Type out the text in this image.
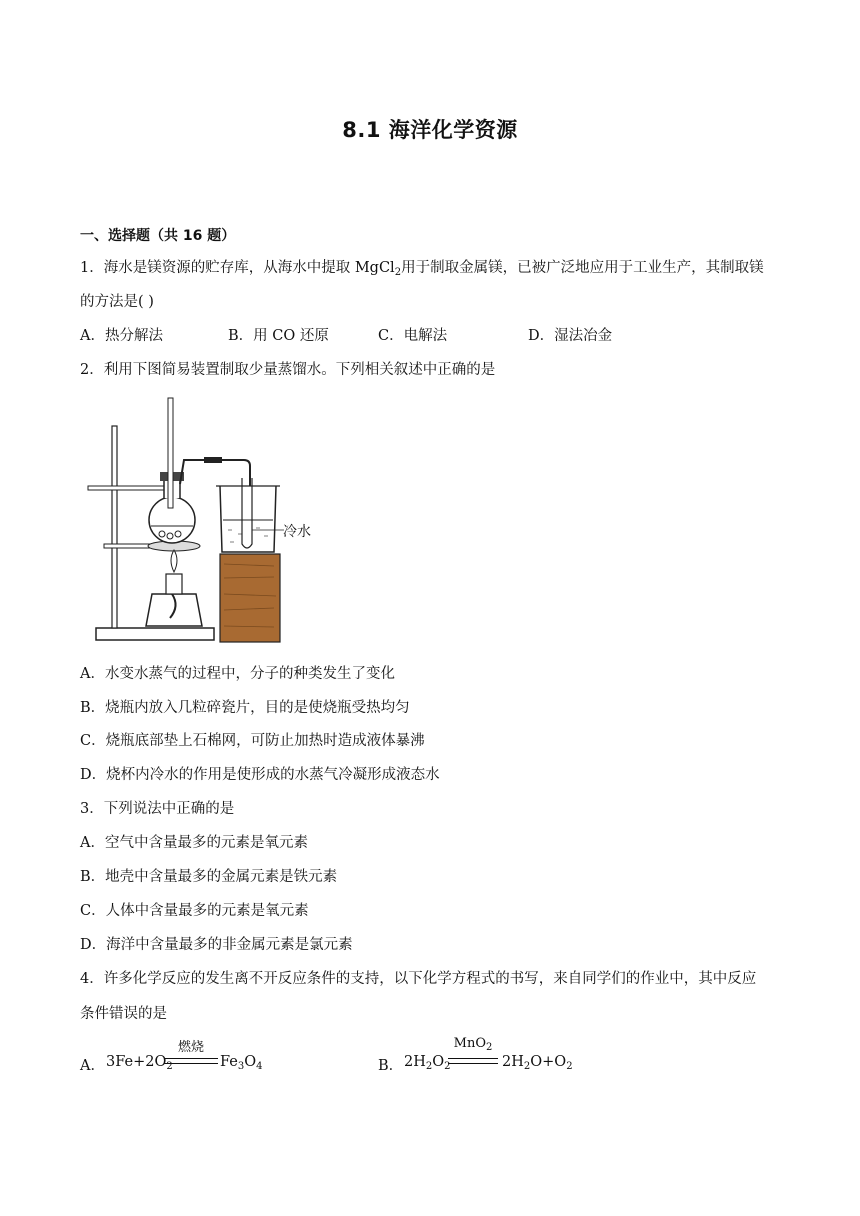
8.1 海洋化学资源
一、选择题（共 16 题）
1．海水是镁资源的贮存库，从海水中提取 MgCl$_2$用于制取金属镁，已被广泛地应用于工业生产，其制取镁
的方法是( )
A．热分解法	B．用 CO 还原	C．电解法	D．湿法冶金
2．利用下图简易装置制取少量蒸馏水。下列相关叙述中正确的是
冷水
A．水变水蒸气的过程中，分子的种类发生了变化
B．烧瓶内放入几粒碎瓷片，目的是使烧瓶受热均匀
C．烧瓶底部垫上石棉网，可防止加热时造成液体暴沸
D．烧杯内冷水的作用是使形成的水蒸气冷凝形成液态水
3．下列说法中正确的是
A．空气中含量最多的元素是氧元素
B．地壳中含量最多的金属元素是铁元素
C．人体中含量最多的元素是氧元素
D．海洋中含量最多的非金属元素是氯元素
4．许多化学反应的发生离不开反应条件的支持，以下化学方程式的书写，来自同学们的作业中，其中反应
条件错误的是
A． $3Fe+2O_2$
燃烧
$Fe_3O_4$	B． $2H_2O_2$
MnO$_2$
$2H_2O+O_2$
